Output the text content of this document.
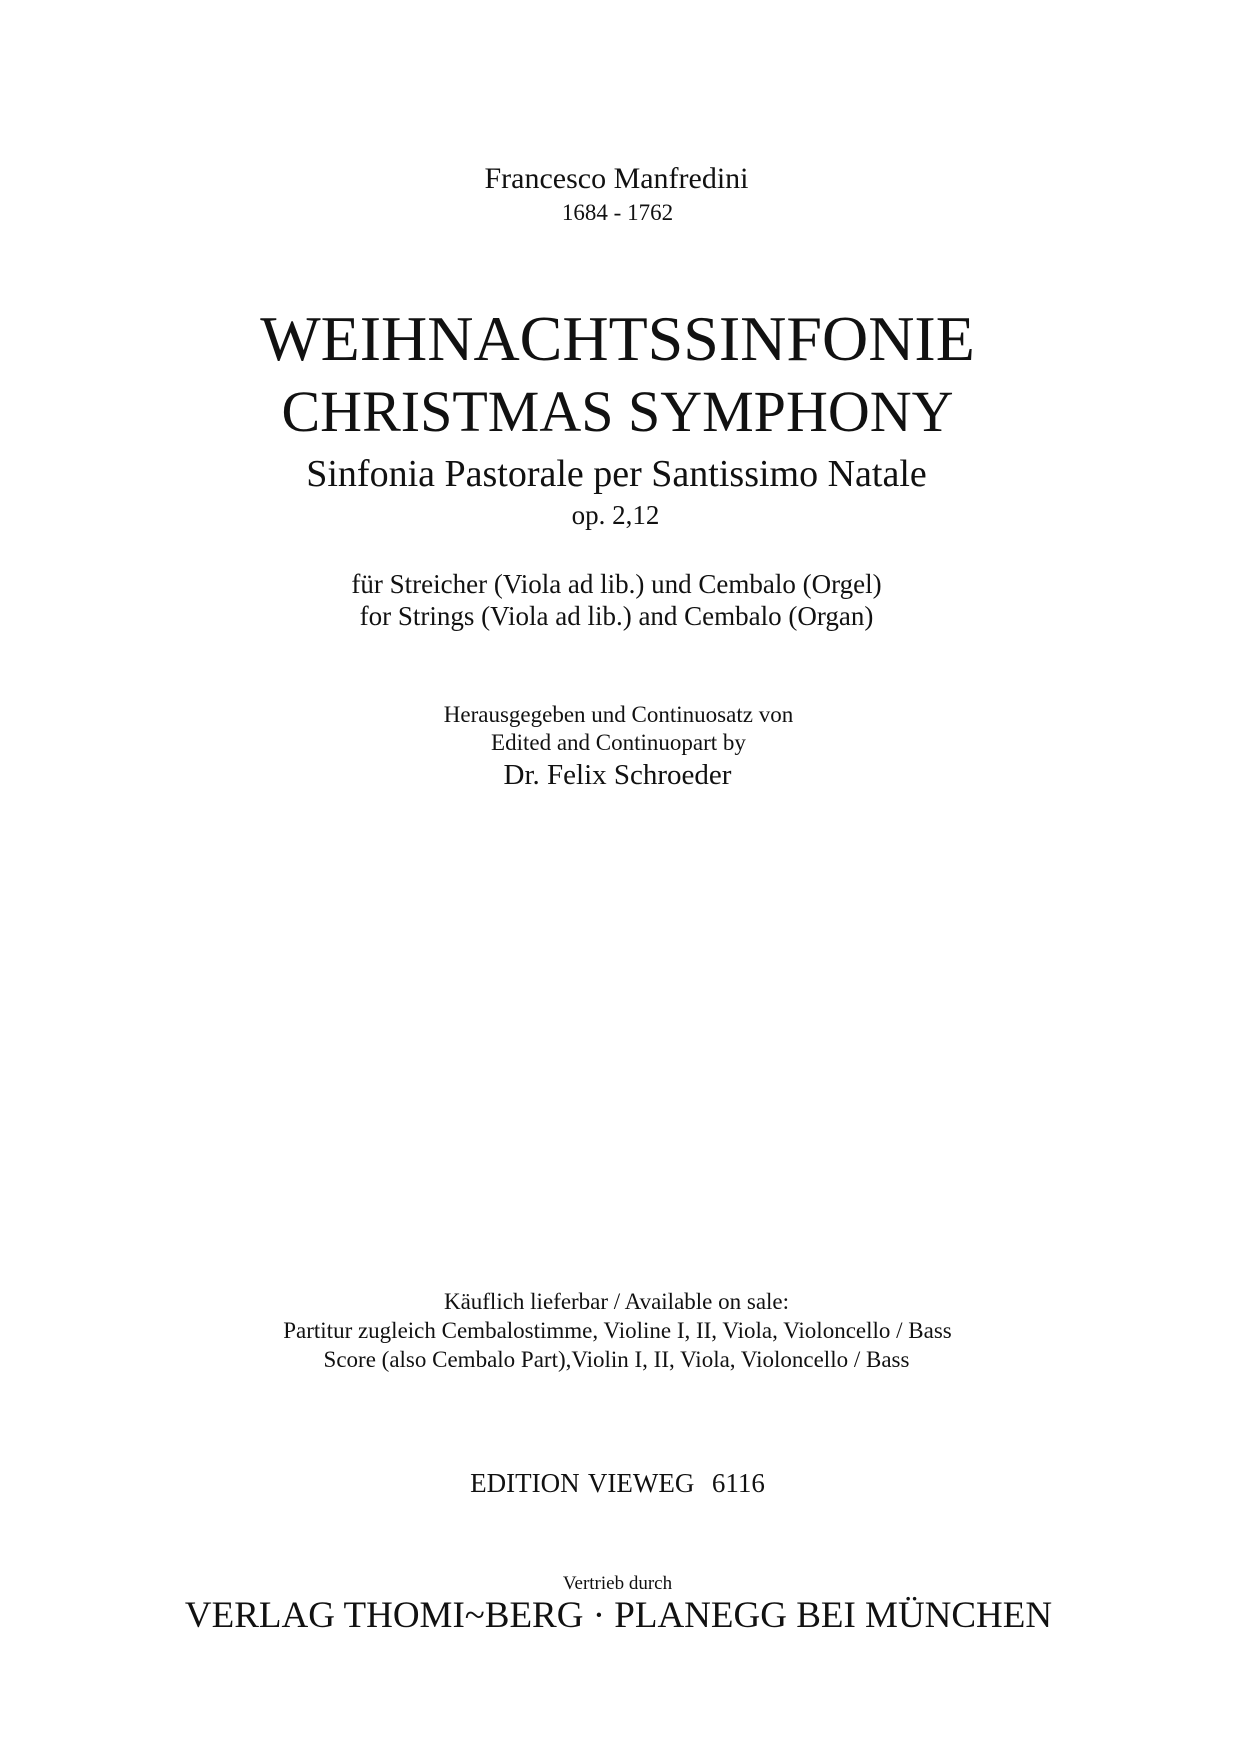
Francesco Manfredini
1684 - 1762
WEIHNACHTSSINFONIE
CHRISTMAS SYMPHONY
Sinfonia Pastorale per Santissimo Natale
op. 2,12
für Streicher (Viola ad lib.) und Cembalo (Orgel)
for Strings (Viola ad lib.) and Cembalo (Organ)
Herausgegeben und Continuosatz von
Edited and Continuopart by
Dr. Felix Schroeder
Käuflich lieferbar / Available on sale:
Partitur zugleich Cembalostimme, Violine I, II, Viola, Violoncello / Bass
Score (also Cembalo Part),Violin I, II, Viola, Violoncello / Bass
EDITION VIEWEG  6116
Vertrieb durch
VERLAG THOMI~BERG · PLANEGG BEI MÜNCHEN
